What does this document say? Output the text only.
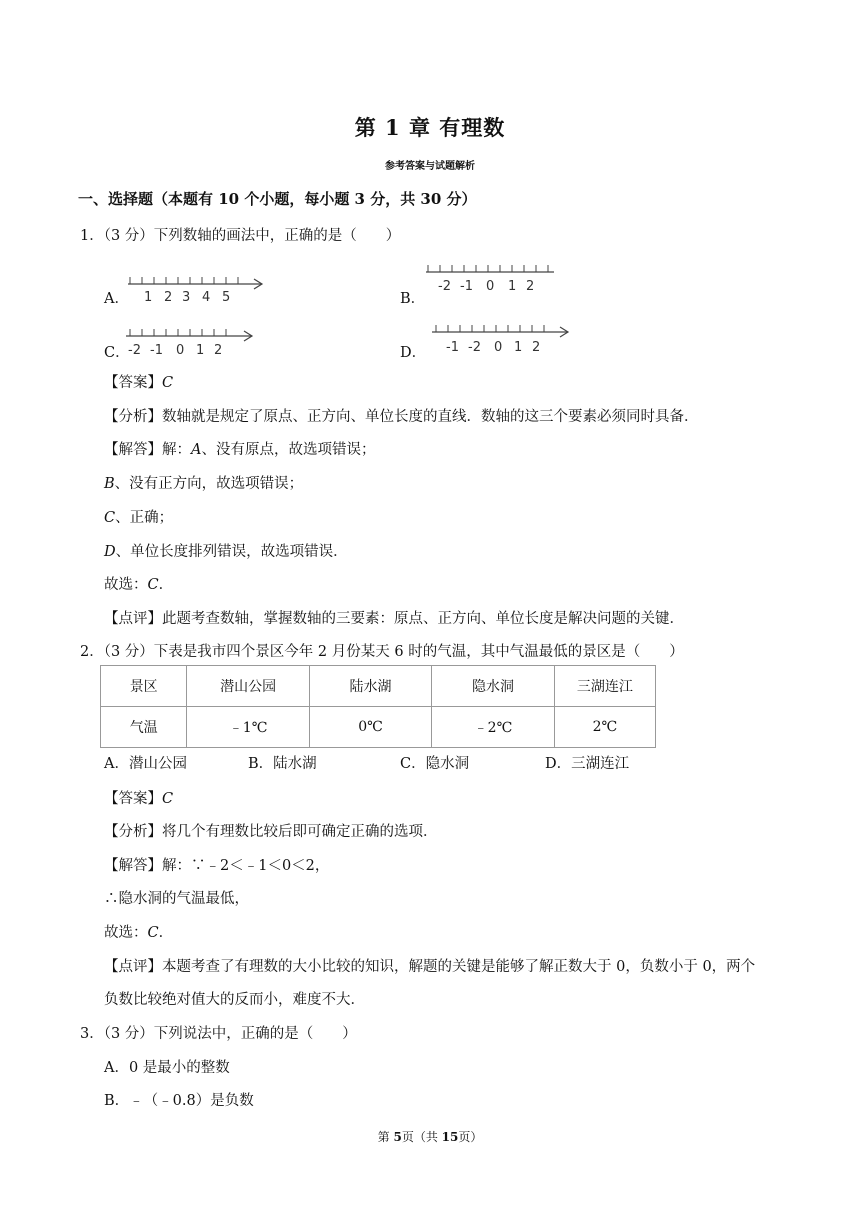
第 1 章 有理数
参考答案与试题解析
一、选择题（本题有 10 个小题，每小题 3 分，共 30 分）
1．（3 分）下列数轴的画法中，正确的是（　　）
A． 1 2 3 4 5	B．
-2 -1 0 1 2
C．
-2 -1 0 1 2	D． -1 -2 0 1 2
【答案】C
【分析】数轴就是规定了原点、正方向、单位长度的直线．数轴的这三个要素必须同时具备．
【解答】解：A、没有原点，故选项错误；
B、没有正方向，故选项错误；
C、正确；
D、单位长度排列错误，故选项错误．
故选：C．
【点评】此题考查数轴，掌握数轴的三要素：原点、正方向、单位长度是解决问题的关键．
2．（3 分）下表是我市四个景区今年 2 月份某天 6 时的气温，其中气温最低的景区是（　　）
景区	潜山公园	陆水湖	隐水洞	三湖连江
气温	﹣1℃	0℃	﹣2℃	2℃
A．潜山公园	B．陆水湖	C．隐水洞	D．三湖连江
【答案】C
【分析】将几个有理数比较后即可确定正确的选项．
【解答】解：∵﹣2＜﹣1＜0＜2，
∴隐水洞的气温最低，
故选：C．
【点评】本题考查了有理数的大小比较的知识，解题的关键是能够了解正数大于 0，负数小于 0，两个
负数比较绝对值大的反而小，难度不大．
3．（3 分）下列说法中，正确的是（　　）
A．0 是最小的整数
B．﹣（﹣0.8）是负数
第 5页（共 15页）
